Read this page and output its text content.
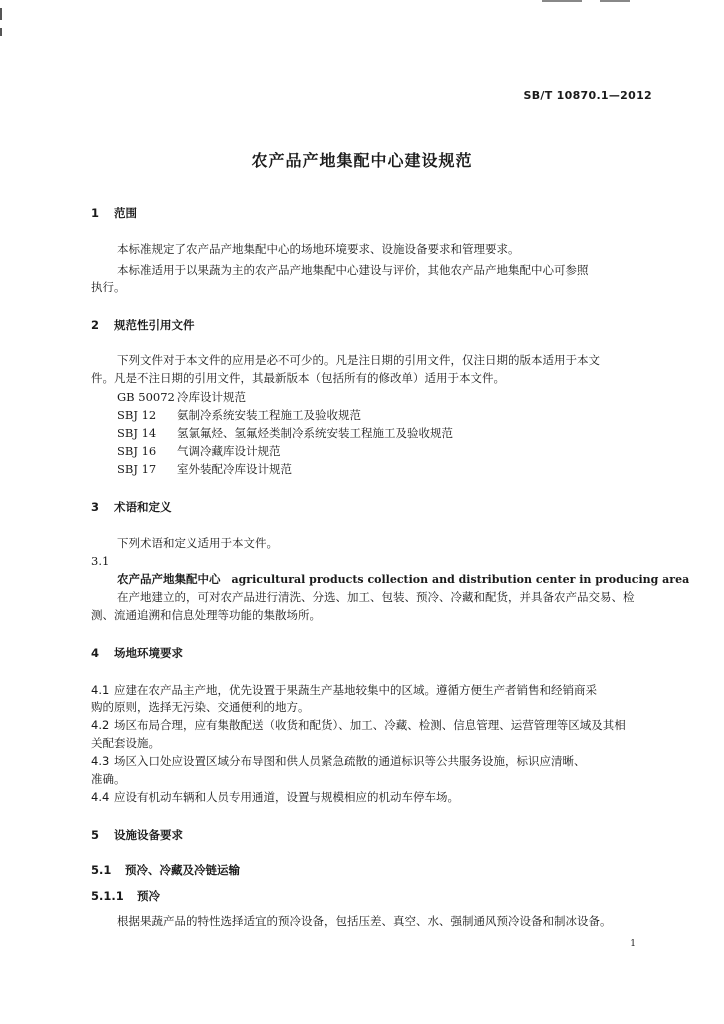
SB/T 10870.1—2012
农产品产地集配中心建设规范
1 范围
本标准规定了农产品产地集配中心的场地环境要求、设施设备要求和管理要求。
本标准适用于以果蔬为主的农产品产地集配中心建设与评价，其他农产品产地集配中心可参照
执行。
2 规范性引用文件
下列文件对于本文件的应用是必不可少的。凡是注日期的引用文件，仅注日期的版本适用于本文
件。凡是不注日期的引用文件，其最新版本（包括所有的修改单）适用于本文件。
GB 50072 冷库设计规范
SBJ 12 氨制冷系统安装工程施工及验收规范
SBJ 14 氢氯氟烃、氢氟烃类制冷系统安装工程施工及验收规范
SBJ 16 气调冷藏库设计规范
SBJ 17 室外装配冷库设计规范
3 术语和定义
下列术语和定义适用于本文件。
3.1
农产品产地集配中心 agricultural products collection and distribution center in producing area
在产地建立的，可对农产品进行清洗、分选、加工、包装、预冷、冷藏和配货，并具备农产品交易、检
测、流通追溯和信息处理等功能的集散场所。
4 场地环境要求
4.1 应建在农产品主产地，优先设置于果蔬生产基地较集中的区域。遵循方便生产者销售和经销商采
购的原则，选择无污染、交通便利的地方。
4.2 场区布局合理，应有集散配送（收货和配货）、加工、冷藏、检测、信息管理、运营管理等区域及其相
关配套设施。
4.3 场区入口处应设置区域分布导图和供人员紧急疏散的通道标识等公共服务设施，标识应清晰、
准确。
4.4 应设有机动车辆和人员专用通道，设置与规模相应的机动车停车场。
5 设施设备要求
5.1 预冷、冷藏及冷链运输
5.1.1 预冷
根据果蔬产品的特性选择适宜的预冷设备，包括压差、真空、水、强制通风预冷设备和制冰设备。
1
